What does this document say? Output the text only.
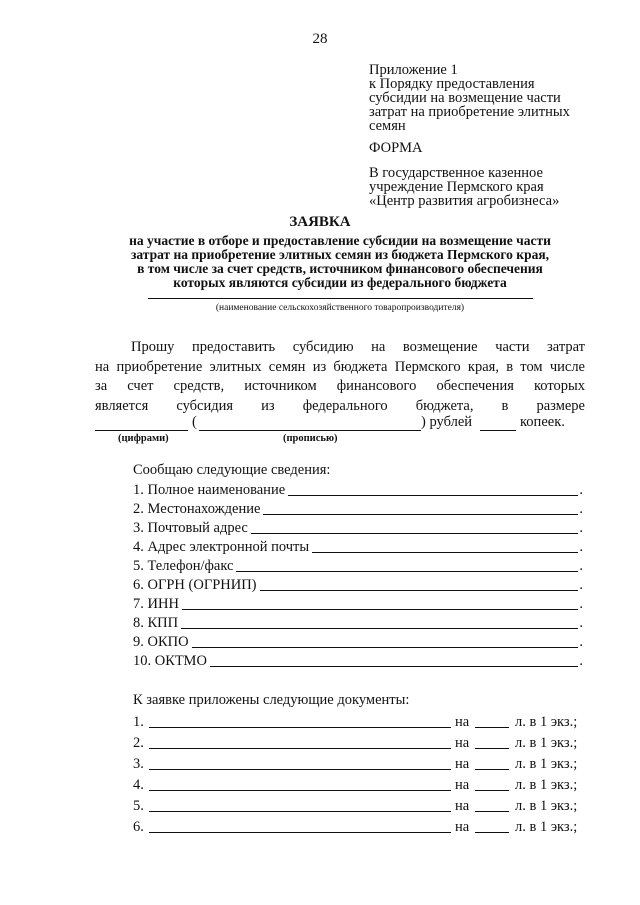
28
Приложение 1
к Порядку предоставления
субсидии на возмещение части
затрат на приобретение элитных
семян
ФОРМА
В государственное казенное
учреждение Пермского края
«Центр развития агробизнеса»
ЗАЯВКА
на участие в отборе и предоставление субсидии на возмещение части
затрат на приобретение элитных семян из бюджета Пермского края,
в том числе за счет средств, источником финансового обеспечения
которых являются субсидии из федерального бюджета
(наименование сельскохозяйственного товаропроизводителя)
Прошу предоставить субсидию на возмещение части затрат
на приобретение элитных семян из бюджета Пермского края, в том числе
за счет средств, источником финансового обеспечения которых
является субсидия из федерального бюджета, в размере
(	) рублей	копеек.
(цифрами)	(прописью)
Сообщаю следующие сведения:
1. Полное наименование	.
2. Местонахождение	.
3. Почтовый адрес	.
4. Адрес электронной почты	.
5. Телефон/факс	.
6. ОГРН (ОГРНИП)	.
7. ИНН	.
8. КПП	.
9. ОКПО	.
10. ОКТМО	.
К заявке приложены следующие документы:
1.	на	л. в 1 экз.;
2.	на	л. в 1 экз.;
3.	на	л. в 1 экз.;
4.	на	л. в 1 экз.;
5.	на	л. в 1 экз.;
6.	на	л. в 1 экз.;
